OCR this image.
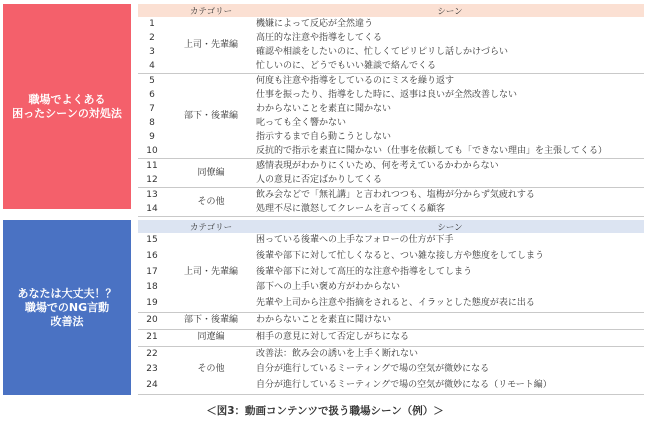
職場でよくある
困ったシーンの対処法
	カテゴリー	シーン
1	上司・先輩編	機嫌によって反応が全然違う
2		高圧的な注意や指導をしてくる
3		確認や相談をしたいのに、忙しくてピリピリし話しかけづらい
4		忙しいのに、どうでもいい雑談で絡んでくる
5	部下・後輩編	何度も注意や指導をしているのにミスを繰り返す
6		仕事を振ったり、指導をした時に、返事は良いが全然改善しない
7		わからないことを素直に聞かない
8		叱っても全く響かない
9		指示するまで自ら動こうとしない
10		反抗的で指示を素直に聞かない（仕事を依頼しても「できない理由」を主張してくる）
11	同僚編	感情表現がわかりにくいため、何を考えているかわからない
12		人の意見に否定ばかりしてくる
13	その他	飲み会などで「無礼講」と言われつつも、塩梅が分からず気疲れする
14		処理不尽に激怒してクレームを言ってくる顧客
あなたは大丈夫！？
職場でのNG言動
改善法
	カテゴリー	シーン
15	上司・先輩編	困っている後輩への上手なフォローの仕方が下手
16		後輩や部下に対して忙しくなると、つい雑な接し方や態度をしてしまう
17		後輩や部下に対して高圧的な注意や指導をしてしまう
18		部下への上手い褒め方がわからない
19		先輩や上司から注意や指摘をされると、イラッとした態度が表に出る
20	部下・後輩編	わからないことを素直に聞けない
21	同遼編	相手の意見に対して否定しがちになる
22	その他	改善法：飲み会の誘いを上手く断れない
23		自分が進行しているミーティングで場の空気が微妙になる
24		自分が進行しているミーティングで場の空気が微妙になる（リモート編）
＜図3：動画コンテンツで扱う職場シーン（例）＞
